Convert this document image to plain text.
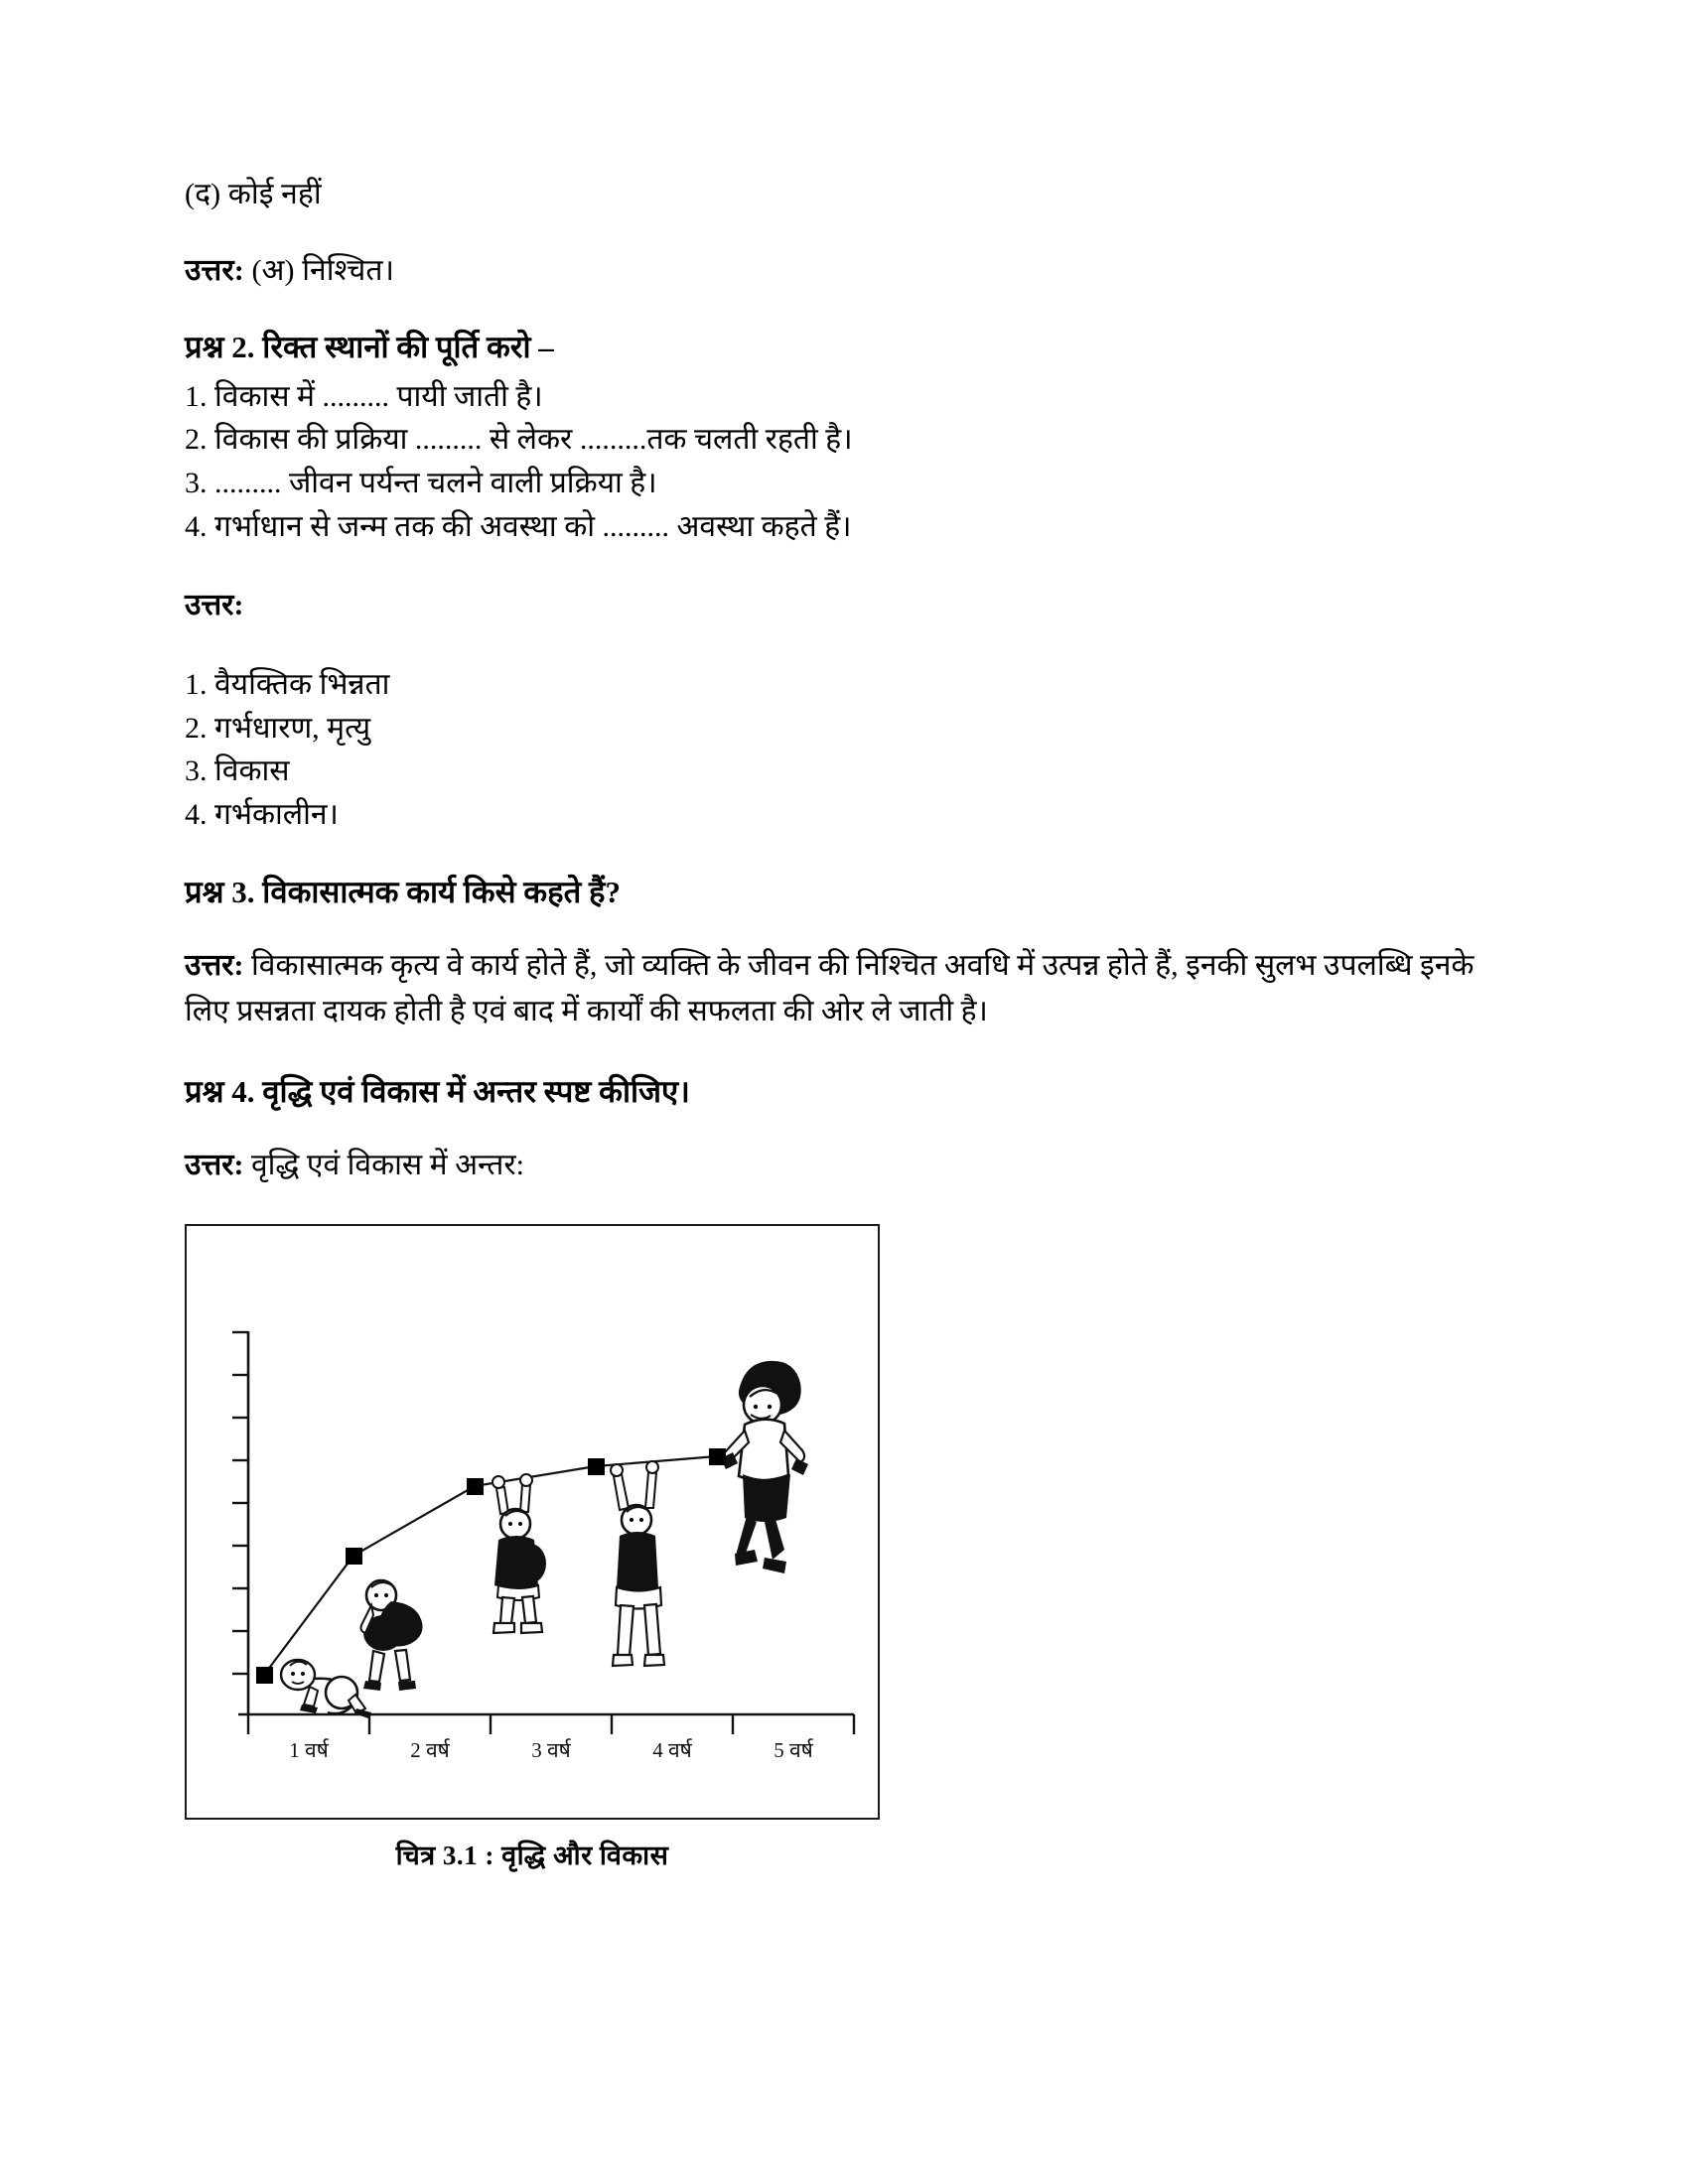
(द) कोई नहीं

उत्तर: (अ) निश्चित।

प्रश्न 2. रिक्त स्थानों की पूर्ति करो –

1. विकास में ......... पायी जाती है।
2. विकास की प्रक्रिया ......... से लेकर .........तक चलती रहती है।
3. ......... जीवन पर्यन्त चलने वाली प्रक्रिया है।
4. गर्भाधान से जन्म तक की अवस्था को ......... अवस्था कहते हैं।

उत्तर:

1. वैयक्तिक भिन्नता
2. गर्भधारण, मृत्यु
3. विकास
4. गर्भकालीन।

प्रश्न 3. विकासात्मक कार्य किसे कहते हैं?

उत्तर: विकासात्मक कृत्य वे कार्य होते हैं, जो व्यक्ति के जीवन की निश्चित अवधि में उत्पन्न होते हैं, इनकी सुलभ उपलब्धि इनके लिए प्रसन्नता दायक होती है एवं बाद में कार्यों की सफलता की ओर ले जाती है।

प्रश्न 4. वृद्धि एवं विकास में अन्तर स्पष्ट कीजिए।

उत्तर: वृद्धि एवं विकास में अन्तर:

1 वर्ष	2 वर्ष	3 वर्ष	4 वर्ष	5 वर्ष
चित्र 3.1 : वृद्धि और विकास
